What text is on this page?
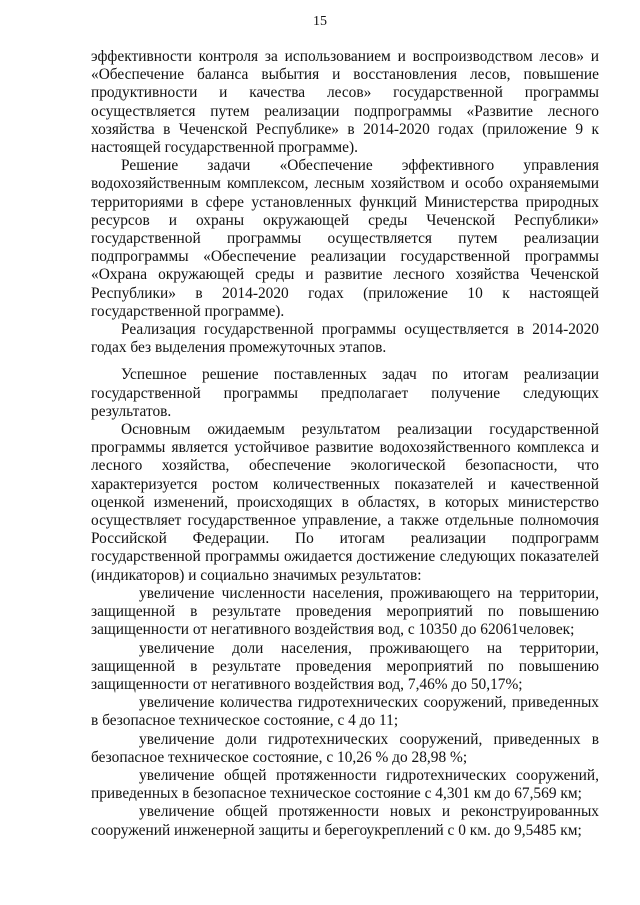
15

эффективности контроля за использованием и воспроизводством лесов» и «Обеспечение баланса выбытия и восстановления лесов, повышение продуктивности и качества лесов» государственной программы осуществляется путем реализации подпрограммы «Развитие лесного хозяйства в Чеченской Республике» в 2014-2020 годах (приложение 9 к настоящей государственной программе).

Решение задачи «Обеспечение эффективного управления водохозяйственным комплексом, лесным хозяйством и особо охраняемыми территориями в сфере установленных функций Министерства природных ресурсов и охраны окружающей среды Чеченской Республики» государственной программы осуществляется путем реализации подпрограммы «Обеспечение реализации государственной программы «Охрана окружающей среды и развитие лесного хозяйства Чеченской Республики» в 2014-2020 годах (приложение 10 к настоящей государственной программе).

Реализация государственной программы осуществляется в 2014-2020 годах без выделения промежуточных этапов.

Успешное решение поставленных задач по итогам реализации государственной программы предполагает получение следующих результатов.

Основным ожидаемым результатом реализации государственной программы является устойчивое развитие водохозяйственного комплекса и лесного хозяйства, обеспечение экологической безопасности, что характеризуется ростом количественных показателей и качественной оценкой изменений, происходящих в областях, в которых министерство осуществляет государственное управление, а также отдельные полномочия Российской Федерации. По итогам реализации подпрограмм государственной программы ожидается достижение следующих показателей (индикаторов) и социально значимых результатов:

увеличение численности населения, проживающего на территории, защищенной в результате проведения мероприятий по повышению защищенности от негативного воздействия вод, с 10350 до 62061человек;

увеличение доли населения, проживающего на территории, защищенной в результате проведения мероприятий по повышению защищенности от негативного воздействия вод, 7,46% до 50,17%;

увеличение количества гидротехнических сооружений, приведенных в безопасное техническое состояние, с 4 до 11;

увеличение доли гидротехнических сооружений, приведенных в безопасное техническое состояние, с 10,26 % до 28,98 %;

увеличение общей протяженности гидротехнических сооружений, приведенных в безопасное техническое состояние с 4,301 км до 67,569 км;

увеличение общей протяженности новых и реконструированных сооружений инженерной защиты и берегоукреплений с 0 км. до 9,5485 км;
